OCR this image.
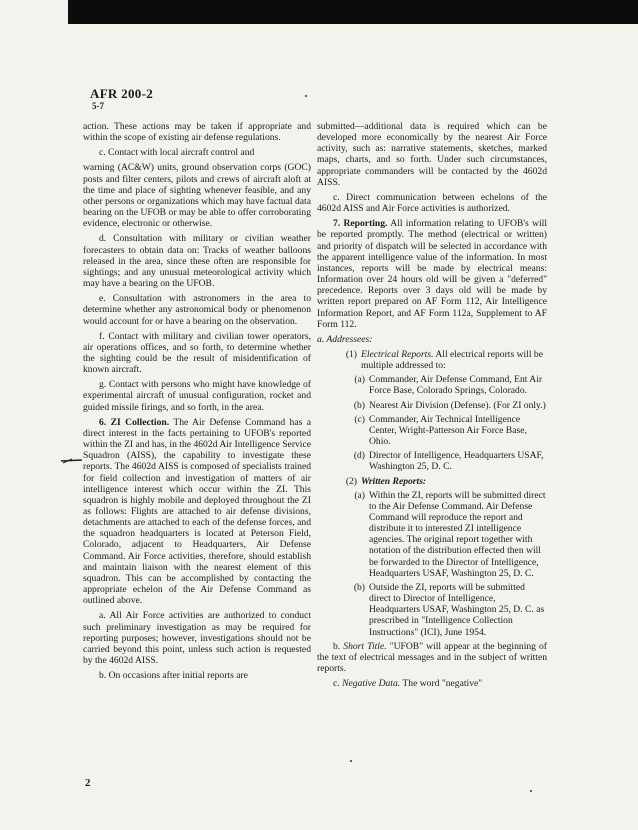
AFR 200-2
5-7

action. These actions may be taken if appropriate and within the scope of existing air defense regulations.

c. Contact with local aircraft control and

warning (AC&W) units, ground observation corps (GOC) posts and filter centers, pilots and crews of aircraft aloft at the time and place of sighting whenever feasible, and any other persons or organizations which may have factual data bearing on the UFOB or may be able to offer corroborating evidence, electronic or otherwise.

d. Consultation with military or civilian weather forecasters to obtain data on: Tracks of weather balloons released in the area, since these often are responsible for sightings; and any unusual meteorological activity which may have a bearing on the UFOB.

e. Consultation with astronomers in the area to determine whether any astronomical body or phenomenon would account for or have a bearing on the observation.

f. Contact with military and civilian tower operators, air operations offices, and so forth, to determine whether the sighting could be the result of misidentification of known aircraft.

g. Contact with persons who might have knowledge of experimental aircraft of unusual configuration, rocket and guided missile firings, and so forth, in the area.

6. ZI Collection. The Air Defense Command has a direct interest in the facts pertaining to UFOB's reported within the ZI and has, in the 4602d Air Intelligence Service Squadron (AISS), the capability to investigate these reports. The 4602d AISS is composed of specialists trained for field collection and investigation of matters of air intelligence interest which occur within the ZI. This squadron is highly mobile and deployed throughout the ZI as follows: Flights are attached to air defense divisions, detachments are attached to each of the defense forces, and the squadron headquarters is located at Peterson Field, Colorado, adjacent to Headquarters, Air Defense Command. Air Force activities, therefore, should establish and maintain liaison with the nearest element of this squadron. This can be accomplished by contacting the appropriate echelon of the Air Defense Command as outlined above.

a. All Air Force activities are authorized to conduct such preliminary investigation as may be required for reporting purposes; however, investigations should not be carried beyond this point, unless such action is requested by the 4602d AISS.

b. On occasions after initial reports are

submitted—additional data is required which can be developed more economically by the nearest Air Force activity, such as: narrative statements, sketches, marked maps, charts, and so forth. Under such circumstances, appropriate commanders will be contacted by the 4602d AISS.

c. Direct communication between echelons of the 4602d AISS and Air Force activities is authorized.

7. Reporting. All information relating to UFOB's will be reported promptly. The method (electrical or written) and priority of dispatch will be selected in accordance with the apparent intelligence value of the information. In most instances, reports will be made by electrical means: Information over 24 hours old will be given a "deferred" precedence. Reports over 3 days old will be made by written report prepared on AF Form 112, Air Intelligence Information Report, and AF Form 112a, Supplement to AF Form 112.

a. Addressees:

(1) Electrical Reports. All electrical reports will be multiple addressed to:
(a) Commander, Air Defense Command, Ent Air Force Base, Colorado Springs, Colorado.
(b) Nearest Air Division (Defense). (For ZI only.)
(c) Commander, Air Technical Intelligence Center, Wright-Patterson Air Force Base, Ohio.
(d) Director of Intelligence, Headquarters USAF, Washington 25, D. C.
(2) Written Reports:
(a) Within the ZI, reports will be submitted direct to the Air Defense Command. Air Defense Command will reproduce the report and distribute it to interested ZI intelligence agencies. The original report together with notation of the distribution effected then will be forwarded to the Director of Intelligence, Headquarters USAF, Washington 25, D. C.
(b) Outside the ZI, reports will be submitted direct to Director of Intelligence, Headquarters USAF, Washington 25, D. C. as prescribed in "Intelligence Collection Instructions" (ICI), June 1954.

b. Short Title. "UFOB" will appear at the beginning of the text of electrical messages and in the subject of written reports.

c. Negative Data. The word "negative"

2
